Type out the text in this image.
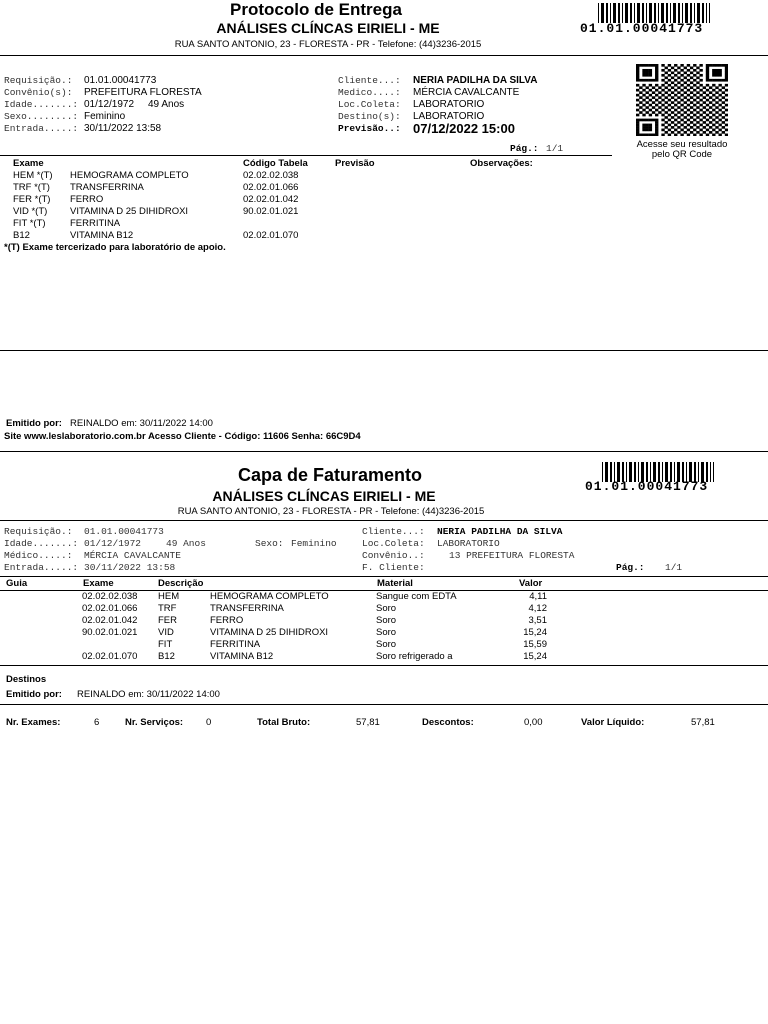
Protocolo de Entrega
ANÁLISES CLÍNCAS EIRIELI - ME
RUA SANTO ANTONIO, 23 - FLORESTA - PR - Telefone: (44)3236-2015
01.01.00041773
Requisição.: 01.01.00041773
Convênio(s): PREFEITURA FLORESTA
Idade.......: 01/12/1972 49 Anos
Sexo........: Feminino
Entrada.....: 30/11/2022 13:58
Cliente...: NERIA PADILHA DA SILVA
Medico....: MÉRCIA CAVALCANTE
Loc.Coleta: LABORATORIO
Destino(s): LABORATORIO
Previsão..: 07/12/2022 15:00
Acesse seu resultado
pelo QR Code
Pág.: 1/1
Exame	Código Tabela	Previsão	Observações:
HEM *(T) HEMOGRAMA COMPLETO	02.02.02.038
TRF *(T) TRANSFERRINA	02.02.01.066
FER *(T) FERRO	02.02.01.042
VID *(T) VITAMINA D 25 DIHIDROXI	90.02.01.021
FIT *(T)	FERRITINA
B12	VITAMINA B12	02.02.01.070
*(T) Exame tercerizado para laboratório de apoio.
Emitido por: REINALDO em: 30/11/2022 14:00
Site www.leslaboratorio.com.br Acesso Cliente - Código: 11606 Senha: 66C9D4
Capa de Faturamento
ANÁLISES CLÍNCAS EIRIELI - ME
RUA SANTO ANTONIO, 23 - FLORESTA - PR - Telefone: (44)3236-2015
01.01.00041773
Requisição.: 01.01.00041773
Idade.......: 01/12/1972	49 Anos	Sexo: Feminino
Médico.....: MÉRCIA CAVALCANTE
Entrada.....: 30/11/2022 13:58
Cliente...: NERIA PADILHA DA SILVA
Loc.Coleta: LABORATORIO
Convênio..:	13 PREFEITURA FLORESTA
F. Cliente:	Pág.: 1/1
Guia	Exame	Descrição	Material	Valor
02.02.02.038 HEM	HEMOGRAMA COMPLETO	Sangue com EDTA	4,11
02.02.01.066 TRF	TRANSFERRINA	Soro	4,12
02.02.01.042 FER	FERRO	Soro	3,51
90.02.01.021 VID	VITAMINA D 25 DIHIDROXI	Soro	15,24
FIT	FERRITINA	Soro	15,59
02.02.01.070 B12	VITAMINA B12	Soro refrigerado a	15,24
Destinos
Emitido por: REINALDO em: 30/11/2022 14:00
Nr. Exames:	6	Nr. Serviços: 0	Total Bruto:	57,81	Descontos:	0,00	Valor Líquido:	57,81
